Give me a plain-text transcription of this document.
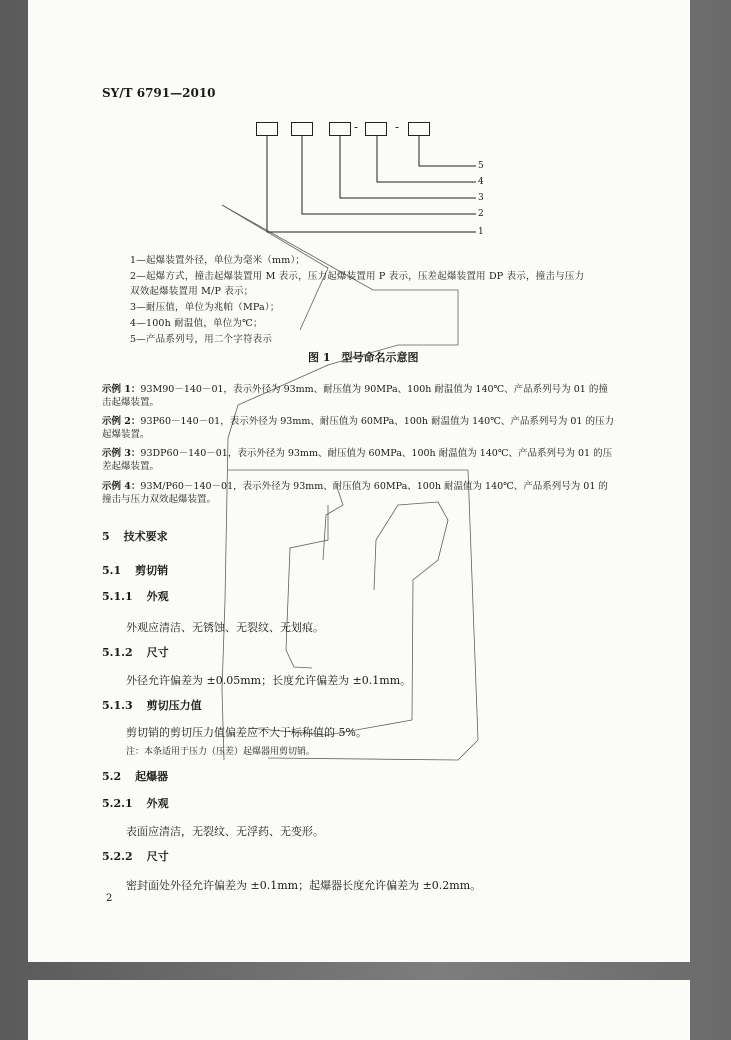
SY/T 6791—2010
-	-
5
4
3
2
1
1—起爆装置外径，单位为毫米（mm）；
2—起爆方式，撞击起爆装置用 M 表示，压力起爆装置用 P 表示，压差起爆装置用 DP 表示，撞击与压力
双效起爆装置用 M/P 表示；
3—耐压值，单位为兆帕（MPa）；
4—100h 耐温值，单位为℃；
5—产品系列号，用二个字符表示
图 1　型号命名示意图
示例 1：93M90－140－01，表示外径为 93mm、耐压值为 90MPa、100h 耐温值为 140℃、产品系列号为 01 的撞
击起爆装置。
示例 2：93P60－140－01，表示外径为 93mm、耐压值为 60MPa、100h 耐温值为 140℃、产品系列号为 01 的压力
起爆装置。
示例 3：93DP60－140－01，表示外径为 93mm、耐压值为 60MPa、100h 耐温值为 140℃、产品系列号为 01 的压
差起爆装置。
示例 4：93M/P60－140－01，表示外径为 93mm、耐压值为 60MPa、100h 耐温值为 140℃、产品系列号为 01 的
撞击与压力双效起爆装置。
5 技术要求
5.1 剪切销
5.1.1 外观
外观应清洁、无锈蚀、无裂纹、无划痕。
5.1.2 尺寸
外径允许偏差为 ±0.05mm；长度允许偏差为 ±0.1mm。
5.1.3 剪切压力值
剪切销的剪切压力值偏差应不大于标称值的 5%。
注：本条适用于压力（压差）起爆器用剪切销。
5.2 起爆器
5.2.1 外观
表面应清洁，无裂纹、无浮药、无变形。
5.2.2 尺寸
密封面处外径允许偏差为 ±0.1mm；起爆器长度允许偏差为 ±0.2mm。
2
